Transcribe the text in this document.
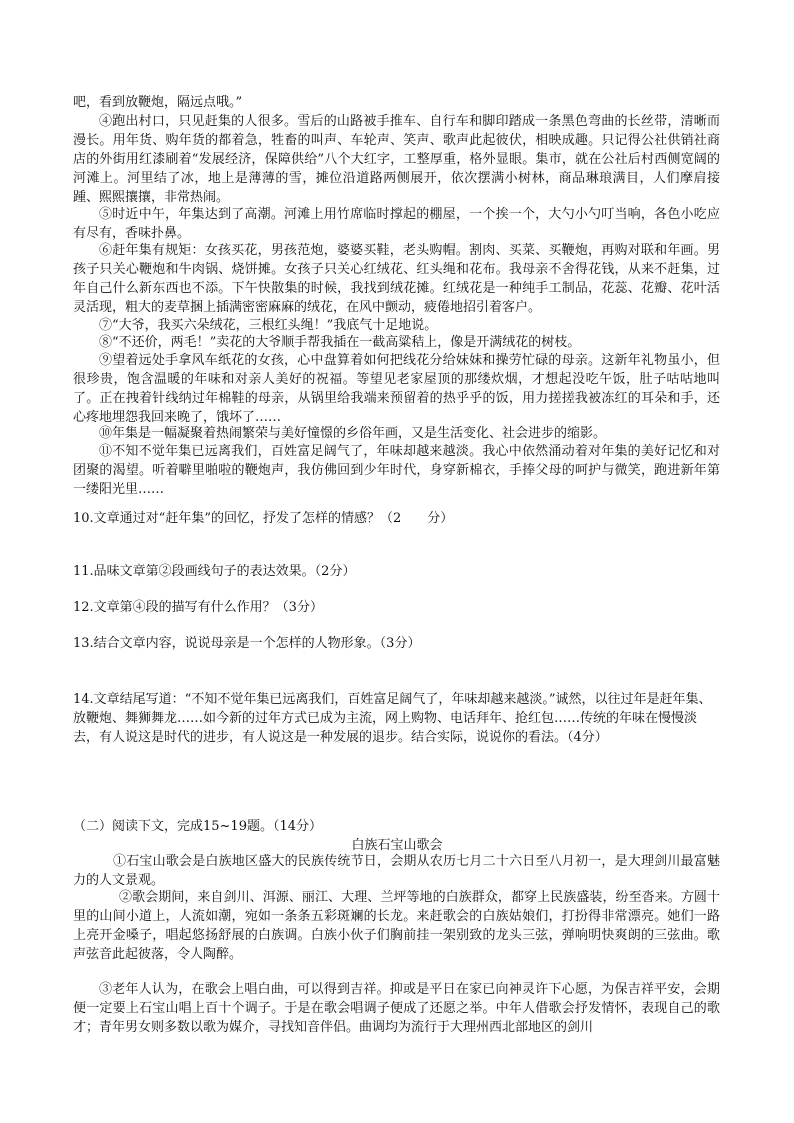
吧，看到放鞭炮，隔远点哦。”

④跑出村口，只见赶集的人很多。雪后的山路被手推车、自行车和脚印踏成一条黑色弯曲的长丝带，清晰而漫长。用年货、购年货的都着急，牲畜的叫声、车轮声、笑声、歌声此起彼伏，相映成趣。只记得公社供销社商店的外街用红漆刷着“发展经济，保障供给”八个大红字，工整厚重，格外显眼。集市，就在公社后村西侧宽阔的河滩上。河里结了冰，地上是薄薄的雪，摊位沿道路两侧展开，依次摆满小树林，商品琳琅满目，人们摩肩接踵、熙熙攘攘，非常热闹。

⑤时近中午，年集达到了高潮。河滩上用竹席临时撑起的棚屋，一个挨一个，大勺小勺叮当响，各色小吃应有尽有，香味扑鼻。

⑥赶年集有规矩：女孩买花，男孩范炮，婆婆买鞋，老头购帽。割肉、买菜、买鞭炮，再购对联和年画。男孩子只关心鞭炮和牛肉锅、烧饼摊。女孩子只关心红绒花、红头绳和花布。我母亲不舍得花钱，从来不赶集，过年自己什么新东西也不添。下午快散集的时候，我找到绒花摊。红绒花是一种纯手工制品，花蕊、花瓣、花叶活灵活现，粗大的麦草捆上插满密密麻麻的绒花，在风中颤动，疲倦地招引着客户。

⑦“大爷，我买六朵绒花，三根红头绳！”我底气十足地说。

⑧“不还价，两毛！”卖花的大爷顺手帮我插在一截高粱秸上，像是开满绒花的树枝。

⑨望着远处手拿风车纸花的女孩，心中盘算着如何把线花分给妹妹和操劳忙碌的母亲。这新年礼物虽小，但很珍贵，饱含温暖的年味和对亲人美好的祝福。等望见老家屋顶的那缕炊烟，才想起没吃午饭，肚子咕咕地叫了。正在拽着针线纳过年棉鞋的母亲，从锅里给我端来预留着的热乎乎的饭，用力搓搓我被冻红的耳朵和手，还心疼地埋怨我回来晚了，饿坏了……

⑩年集是一幅凝聚着热闹繁荣与美好憧憬的乡俗年画，又是生活变化、社会进步的缩影。

⑪不知不觉年集已远离我们，百姓富足阔气了，年味却越来越淡。我心中依然涌动着对年集的美好记忆和对团聚的渴望。听着噼里啪啦的鞭炮声，我仿佛回到少年时代，身穿新棉衣，手捧父母的呵护与微笑，跑进新年第一缕阳光里……

10.文章通过对“赶年集”的回忆，抒发了怎样的情感？（2　　分）

11.品味文章第②段画线句子的表达效果。（2分）

12.文章第④段的描写有什么作用？（3分）

13.结合文章内容，说说母亲是一个怎样的人物形象。（3分）

14.文章结尾写道：“不知不觉年集已远离我们，百姓富足阔气了，年味却越来越淡。”诚然，以往过年是赶年集、放鞭炮、舞狮舞龙……如今新的过年方式已成为主流，网上购物、电话拜年、抢红包……传统的年味在慢慢淡去，有人说这是时代的进步，有人说这是一种发展的退步。结合实际，说说你的看法。（4分）

（二）阅读下文，完成15~19题。（14分）

白族石宝山歌会

①石宝山歌会是白族地区盛大的民族传统节日，会期从农历七月二十六日至八月初一，是大理剑川最富魅力的人文景观。

②歌会期间，来自剑川、洱源、丽江、大理、兰坪等地的白族群众，都穿上民族盛装，纷至沓来。方圆十里的山间小道上，人流如潮，宛如一条条五彩斑斓的长龙。来赶歌会的白族姑娘们，打扮得非常漂亮。她们一路上亮开金嗓子，唱起悠扬舒展的白族调。白族小伙子们胸前挂一架别致的龙头三弦，弹响明快爽朗的三弦曲。歌声弦音此起彼落，令人陶醉。

③老年人认为，在歌会上唱白曲，可以得到吉祥。抑或是平日在家已向神灵许下心愿，为保吉祥平安，会期便一定要上石宝山唱上百十个调子。于是在歌会唱调子便成了还愿之举。中年人借歌会抒发情怀，表现自己的歌才；青年男女则多数以歌为媒介，寻找知音伴侣。曲调均为流行于大理州西北部地区的剑川
